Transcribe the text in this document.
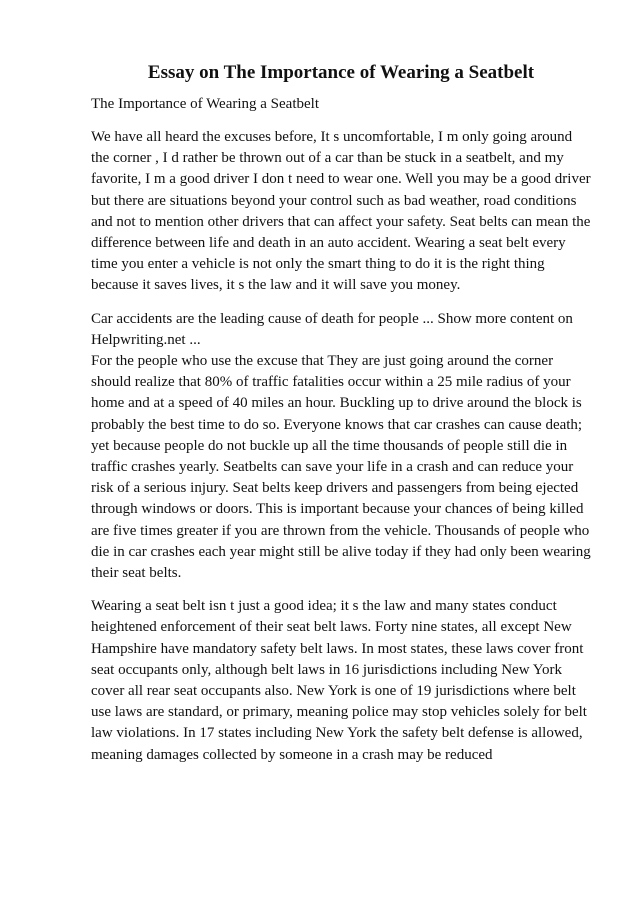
Essay on The Importance of Wearing a Seatbelt
The Importance of Wearing a Seatbelt

We have all heard the excuses before, It s uncomfortable, I m only going around the corner , I d rather be thrown out of a car than be stuck in a seatbelt, and my favorite, I m a good driver I don t need to wear one. Well you may be a good driver but there are situations beyond your control such as bad weather, road conditions and not to mention other drivers that can affect your safety. Seat belts can mean the difference between life and death in an auto accident. Wearing a seat belt every time you enter a vehicle is not only the smart thing to do it is the right thing because it saves lives, it s the law and it will save you money.

Car accidents are the leading cause of death for people ... Show more content on Helpwriting.net ...

For the people who use the excuse that They are just going around the corner should realize that 80% of traffic fatalities occur within a 25 mile radius of your home and at a speed of 40 miles an hour. Buckling up to drive around the block is probably the best time to do so. Everyone knows that car crashes can cause death; yet because people do not buckle up all the time thousands of people still die in traffic crashes yearly. Seatbelts can save your life in a crash and can reduce your risk of a serious injury. Seat belts keep drivers and passengers from being ejected through windows or doors. This is important because your chances of being killed are five times greater if you are thrown from the vehicle. Thousands of people who die in car crashes each year might still be alive today if they had only been wearing their seat belts.

Wearing a seat belt isn t just a good idea; it s the law and many states conduct heightened enforcement of their seat belt laws. Forty nine states, all except New Hampshire have mandatory safety belt laws. In most states, these laws cover front seat occupants only, although belt laws in 16 jurisdictions including New York cover all rear seat occupants also. New York is one of 19 jurisdictions where belt use laws are standard, or primary, meaning police may stop vehicles solely for belt law violations. In 17 states including New York the safety belt defense is allowed, meaning damages collected by someone in a crash may be reduced
